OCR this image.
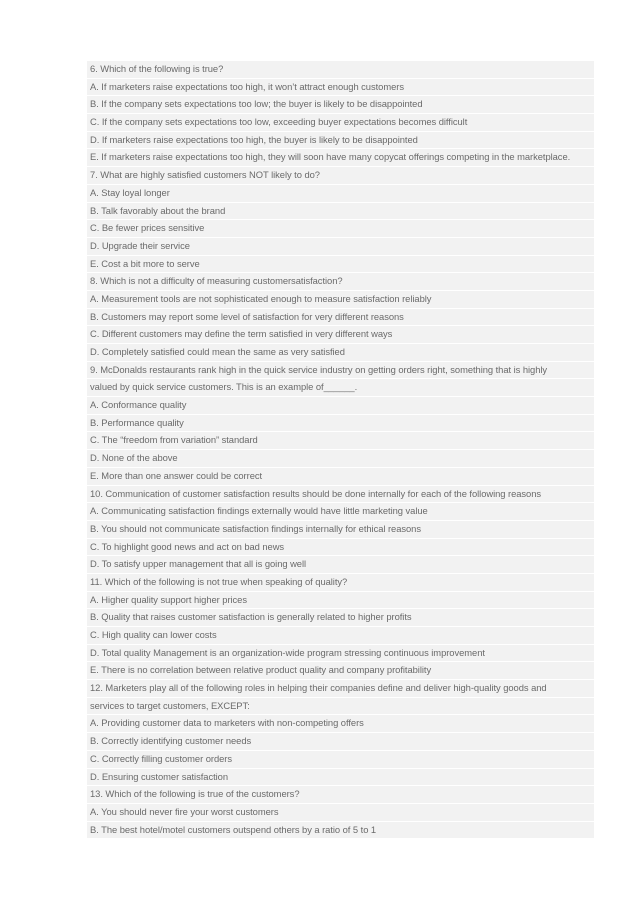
6. Which of the following is true?
A. If marketers raise expectations too high, it won’t attract enough customers
B. If the company sets expectations too low; the buyer is likely to be disappointed
C. If the company sets expectations too low, exceeding buyer expectations becomes difficult
D. If marketers raise expectations too high, the buyer is likely to be disappointed
E. If marketers raise expectations too high, they will soon have many copycat offerings competing in the marketplace.
7. What are highly satisfied customers NOT likely to do?
A. Stay loyal longer
B. Talk favorably about the brand
C. Be fewer prices sensitive
D. Upgrade their service
E. Cost a bit more to serve
8. Which is not a difficulty of measuring customersatisfaction?
A. Measurement tools are not sophisticated enough to measure satisfaction reliably
B. Customers may report some level of satisfaction for very different reasons
C. Different customers may define the term satisfied in very different ways
D. Completely satisfied could mean the same as very satisfied
9. McDonalds restaurants rank high in the quick service industry on getting orders right, something that is highly
valued by quick service customers. This is an example of______.
A. Conformance quality
B. Performance quality
C. The “freedom from variation” standard
D. None of the above
E. More than one answer could be correct
10. Communication of customer satisfaction results should be done internally for each of the following reasons
A. Communicating satisfaction findings externally would have little marketing value
B. You should not communicate satisfaction findings internally for ethical reasons
C. To highlight good news and act on bad news
D. To satisfy upper management that all is going well
11. Which of the following is not true when speaking of quality?
A. Higher quality support higher prices
B. Quality that raises customer satisfaction is generally related to higher profits
C. High quality can lower costs
D. Total quality Management is an organization-wide program stressing continuous improvement
E. There is no correlation between relative product quality and company profitability
12. Marketers play all of the following roles in helping their companies define and deliver high-quality goods and
services to target customers, EXCEPT:
A. Providing customer data to marketers with non-competing offers
B. Correctly identifying customer needs
C. Correctly filling customer orders
D. Ensuring customer satisfaction
13. Which of the following is true of the customers?
A. You should never fire your worst customers
B. The best hotel/motel customers outspend others by a ratio of 5 to 1
